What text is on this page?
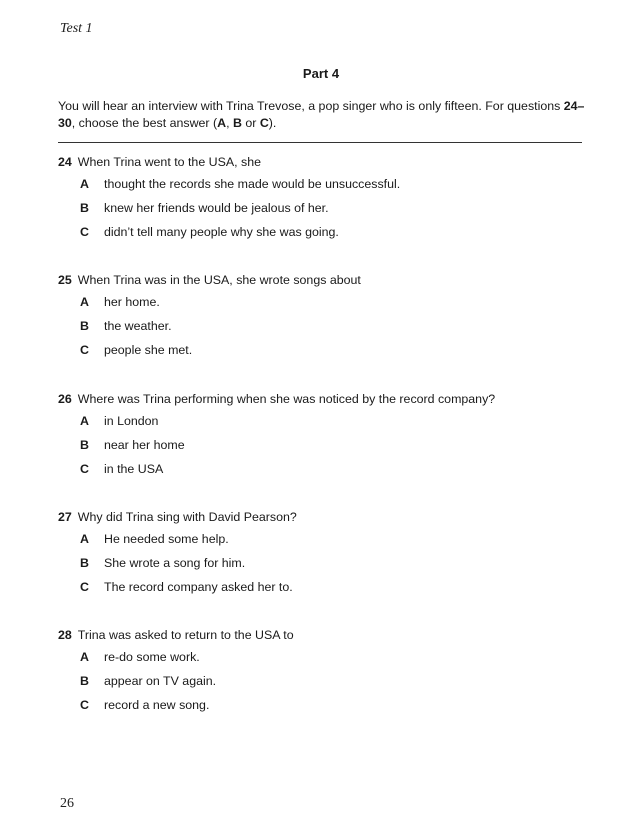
Test 1
Part 4

You will hear an interview with Trina Trevose, a pop singer who is only fifteen. For questions 24–30, choose the best answer (A, B or C).

24 When Trina went to the USA, she
A thought the records she made would be unsuccessful.
B knew her friends would be jealous of her.
C didn’t tell many people why she was going.
25 When Trina was in the USA, she wrote songs about
A her home.
B the weather.
C people she met.
26 Where was Trina performing when she was noticed by the record company?
A in London
B near her home
C in the USA
27 Why did Trina sing with David Pearson?
A He needed some help.
B She wrote a song for him.
C The record company asked her to.
28 Trina was asked to return to the USA to
A re-do some work.
B appear on TV again.
C record a new song.
26
